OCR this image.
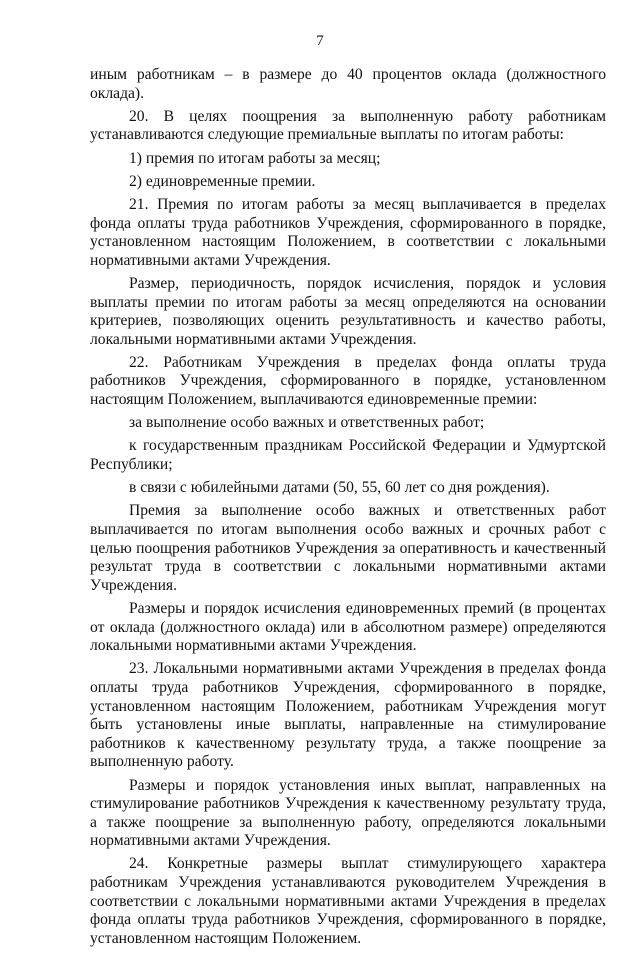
7

иным работникам – в размере до 40 процентов оклада (должностного оклада).

20. В целях поощрения за выполненную работу работникам устанавливаются следующие премиальные выплаты по итогам работы:

1) премия по итогам работы за месяц;

2) единовременные премии.

21. Премия по итогам работы за месяц выплачивается в пределах фонда оплаты труда работников Учреждения, сформированного в порядке, установленном настоящим Положением, в соответствии с локальными нормативными актами Учреждения.

Размер, периодичность, порядок исчисления, порядок и условия выплаты премии по итогам работы за месяц определяются на основании критериев, позволяющих оценить результативность и качество работы, локальными нормативными актами Учреждения.

22. Работникам Учреждения в пределах фонда оплаты труда работников Учреждения, сформированного в порядке, установленном настоящим Положением, выплачиваются единовременные премии:

за выполнение особо важных и ответственных работ;

к государственным праздникам Российской Федерации и Удмуртской Республики;

в связи с юбилейными датами (50, 55, 60 лет со дня рождения).

Премия за выполнение особо важных и ответственных работ выплачивается по итогам выполнения особо важных и срочных работ с целью поощрения работников Учреждения за оперативность и качественный результат труда в соответствии с локальными нормативными актами Учреждения.

Размеры и порядок исчисления единовременных премий (в процентах от оклада (должностного оклада) или в абсолютном размере) определяются локальными нормативными актами Учреждения.

23. Локальными нормативными актами Учреждения в пределах фонда оплаты труда работников Учреждения, сформированного в порядке, установленном настоящим Положением, работникам Учреждения могут быть установлены иные выплаты, направленные на стимулирование работников к качественному результату труда, а также поощрение за выполненную работу.

Размеры и порядок установления иных выплат, направленных на стимулирование работников Учреждения к качественному результату труда, а также поощрение за выполненную работу, определяются локальными нормативными актами Учреждения.

24. Конкретные размеры выплат стимулирующего характера работникам Учреждения устанавливаются руководителем Учреждения в соответствии с локальными нормативными актами Учреждения в пределах фонда оплаты труда работников Учреждения, сформированного в порядке, установленном настоящим Положением.
